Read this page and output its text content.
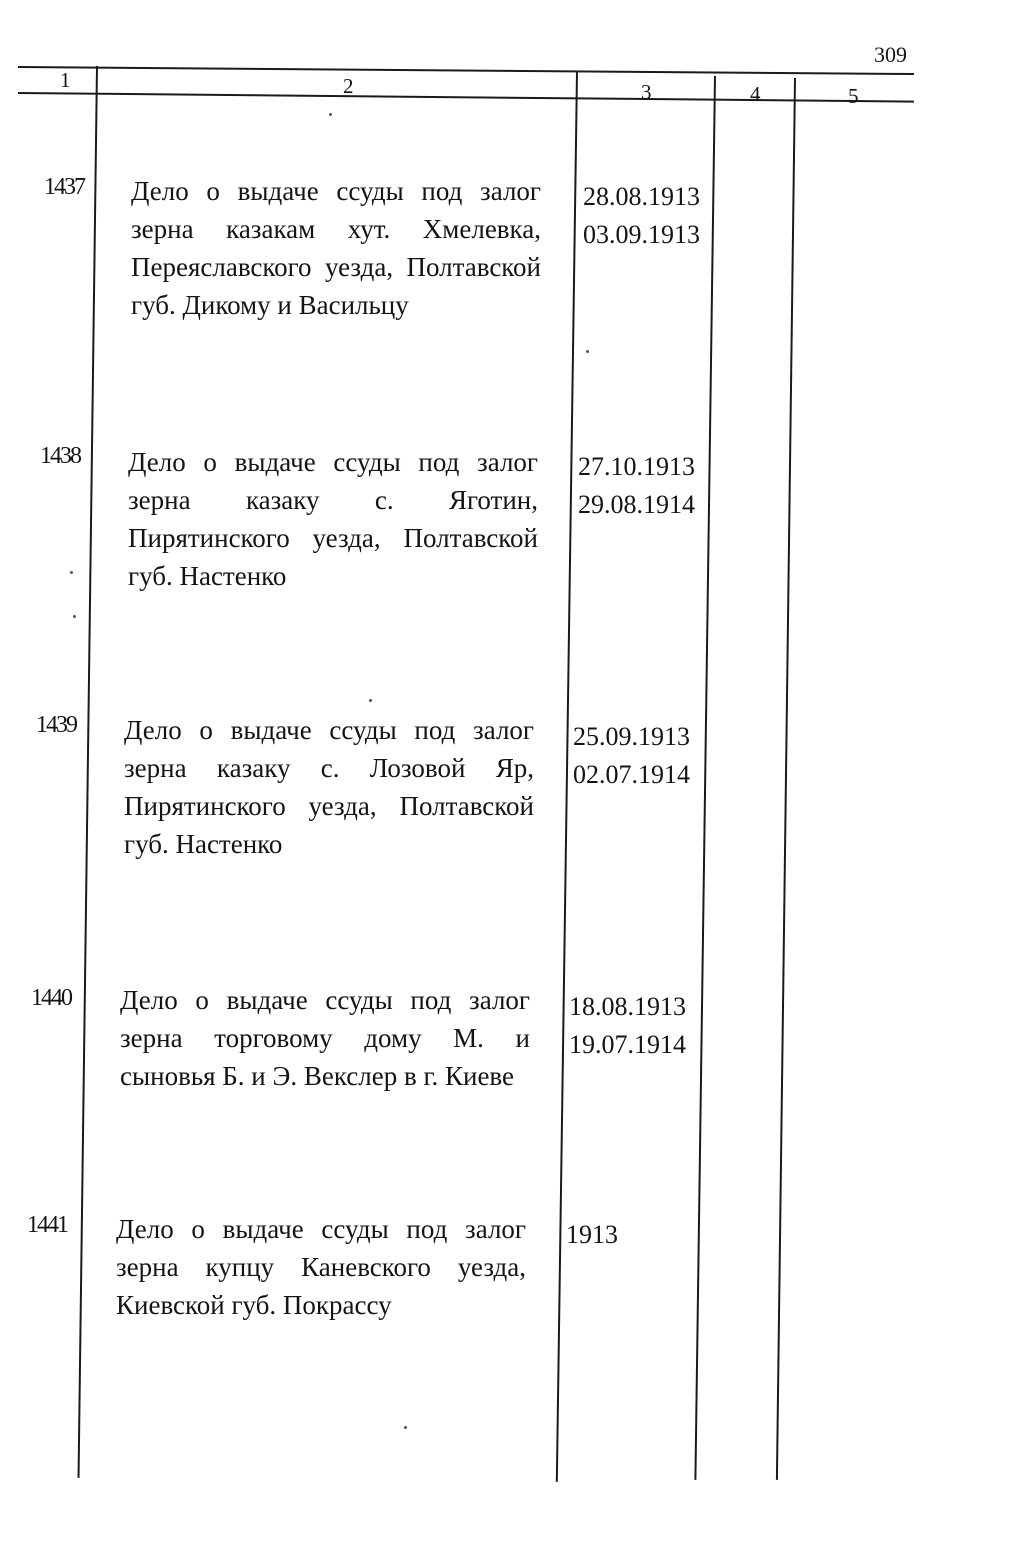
309
1	2	3	4	5
1437 Дело о выдаче ссуды под залог зерна казакам хут. Хмелевка, Переяславского уезда, Полтавской губ. Дикому и Васильцу
28.08.1913
03.09.1913
1438 Дело о выдаче ссуды под залог зерна казаку с. Яготин, Пирятинского уезда, Полтавской губ. Настенко
27.10.1913
29.08.1914
1439 Дело о выдаче ссуды под залог зерна казаку с. Лозовой Яр, Пирятинского уезда, Полтавской губ. Настенко
25.09.1913
02.07.1914
1440 Дело о выдаче ссуды под залог зерна торговому дому М. и сыновья Б. и Э. Векслер в г. Киеве
18.08.1913
19.07.1914
1441 Дело о выдаче ссуды под залог зерна купцу Каневского уезда, Киевской губ. Покрассу
1913
